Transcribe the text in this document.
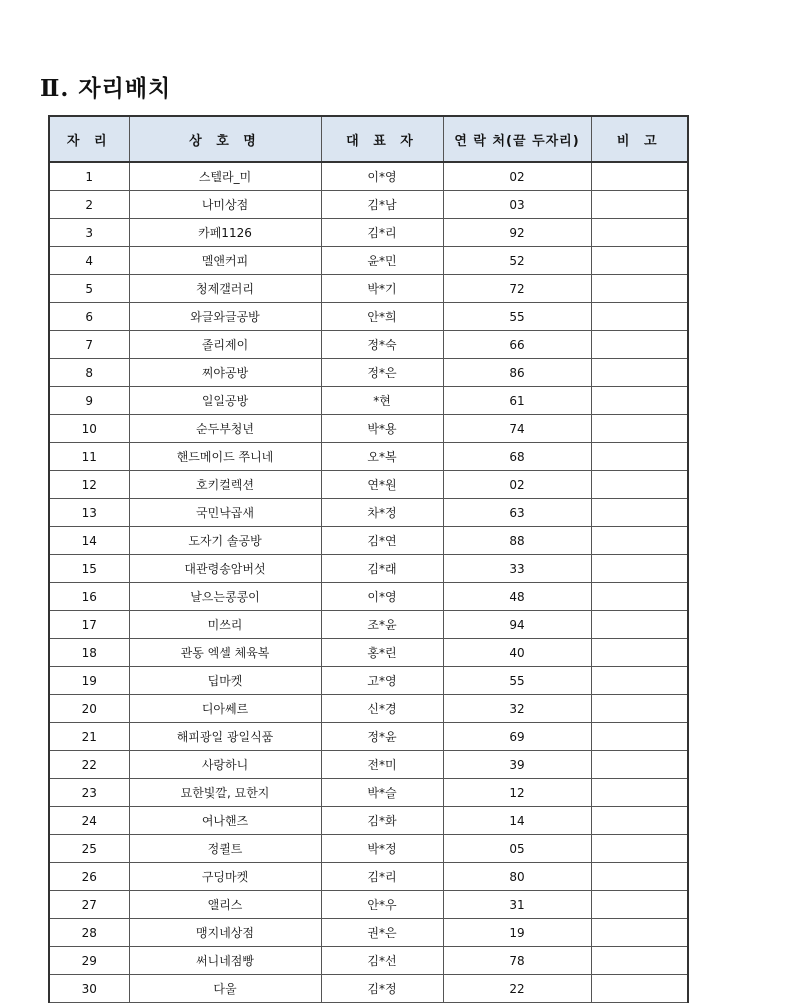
Ⅱ. 자리배치
자 리	상 호 명	대 표 자	연 락 처(끝 두자리)	비 고
1	스텔라_미	이*영	02	
2	나미상점	김*남	03	
3	카페1126	김*리	92	
4	멜앤커피	윤*민	52	
5	청제갤러리	박*기	72	
6	와글와글공방	안*희	55	
7	졸리제이	정*숙	66	
8	찌야공방	정*은	86	
9	일일공방	*현	61	
10	순두부청년	박*용	74	
11	핸드메이드 쭈니네	오*복	68	
12	호키컬렉션	연*원	02	
13	국민낙곱새	차*정	63	
14	도자기 솔공방	김*연	88	
15	대관령송암버섯	김*래	33	
16	날으는콩콩이	이*영	48	
17	미쓰리	조*윤	94	
18	관동 엑셀 체육복	홍*린	40	
19	딥마켓	고*영	55	
20	디아쎄르	신*경	32	
21	해피광일 광일식품	정*윤	69	
22	사랑하니	전*미	39	
23	묘한빛깔, 묘한지	박*슬	12	
24	여나핸즈	김*화	14	
25	정퀼트	박*정	05	
26	구딩마켓	김*리	80	
27	앨리스	안*우	31	
28	맹지네상점	권*은	19	
29	써니네점빵	김*선	78	
30	다울	김*정	22	
